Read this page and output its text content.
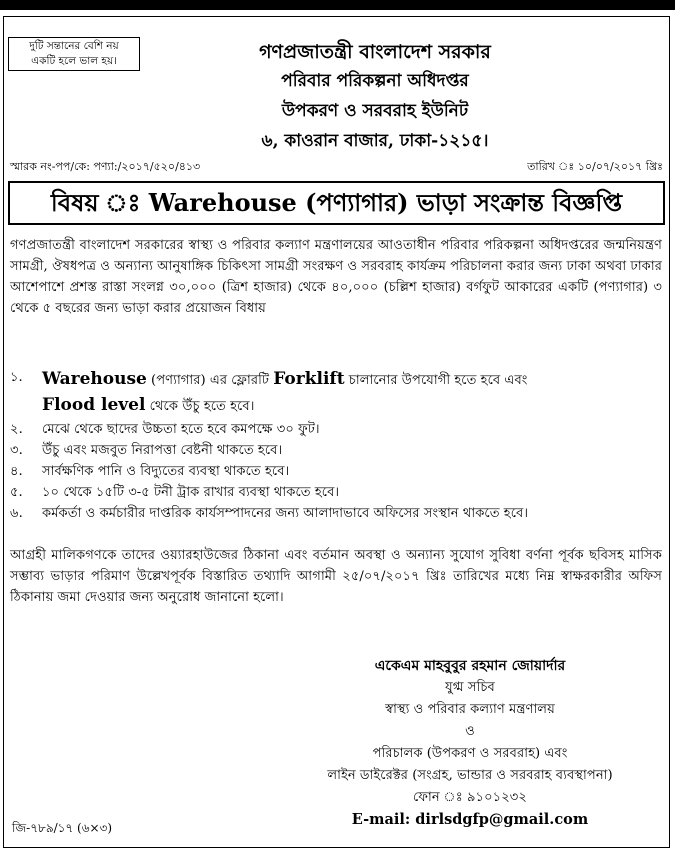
দুটি সন্তানের বেশি নয়
একটি হলে ভাল হয়।	গণপ্রজাতন্ত্রী বাংলাদেশ সরকার
পরিবার পরিকল্পনা অধিদপ্তর
উপকরণ ও সরবরাহ ইউনিট
৬, কাওরান বাজার, ঢাকা-১২১৫।
স্মারক নং-পপ/কে: পণ্যা:/২০১৭/৫২০/৪১৩	তারিখ ঃ ১০/০৭/২০১৭ খ্রিঃ
বিষয় ঃ Warehouse (পণ্যাগার) ভাড়া সংক্রান্ত বিজ্ঞপ্তি
গণপ্রজাতন্ত্রী বাংলাদেশ সরকারের স্বাস্থ্য ও পরিবার কল্যাণ মন্ত্রণালয়ের আওতাধীন পরিবার পরিকল্পনা অধিদপ্তরের জন্মনিয়ন্ত্রণ সামগ্রী, ঔষধপত্র ও অন্যান্য আনুষাঙ্গিক চিকিৎসা সামগ্রী সংরক্ষণ ও সরবরাহ কার্যক্রম পরিচালনা করার জন্য ঢাকা অথবা ঢাকার আশেপাশে প্রশস্ত রাস্তা সংলগ্ন ৩০,০০০ (ত্রিশ হাজার) থেকে ৪০,০০০ (চল্লিশ হাজার) বর্গফুট আকারের একটি (পণ্যাগার) ৩ থেকে ৫ বছরের জন্য ভাড়া করার প্রয়োজন বিধায়
১.	Warehouse (পণ্যাগার) এর ফ্লোরটি Forklift চালানোর উপযোগী হতে হবে এবং
Flood level থেকে উঁচু হতে হবে।
২.	মেঝে থেকে ছাদের উচ্চতা হতে হবে কমপক্ষে ৩০ ফুট।
৩.	উঁচু এবং মজবুত নিরাপত্তা বেষ্টনী থাকতে হবে।
৪.	সার্বক্ষণিক পানি ও বিদ্যুতের ব্যবস্থা থাকতে হবে।
৫.	১০ থেকে ১৫টি ৩-৫ টনী ট্রাক রাখার ব্যবস্থা থাকতে হবে।
৬.	কর্মকর্তা ও কর্মচারীর দাপ্তরিক কার্যসম্পাদনের জন্য আলাদাভাবে অফিসের সংস্থান থাকতে হবে।
আগ্রহী মালিকগণকে তাদের ওয়্যারহাউজের ঠিকানা এবং বর্তমান অবস্থা ও অন্যান্য সুযোগ সুবিধা বর্ণনা পূর্বক ছবিসহ মাসিক সম্ভাব্য ভাড়ার পরিমাণ উল্লেখপূর্বক বিস্তারিত তথ্যাদি আগামী ২৫/০৭/২০১৭ খ্রিঃ তারিখের মধ্যে নিম্ন স্বাক্ষরকারীর অফিস ঠিকানায় জমা দেওয়ার জন্য অনুরোধ জানানো হলো।
একেএম মাহবুবুর রহমান জোয়ার্দার
যুগ্ম সচিব
স্বাস্থ্য ও পরিবার কল্যাণ মন্ত্রণালয়
ও
পরিচালক (উপকরণ ও সরবরাহ) এবং
লাইন ডাইরেক্টর (সংগ্রহ, ভান্ডার ও সরবরাহ ব্যবস্থাপনা)
ফোন ঃ ৯১০১২৩২
E-mail: dirlsdgfp@gmail.com
জি-৭৮৯/১৭ (৬×৩)
